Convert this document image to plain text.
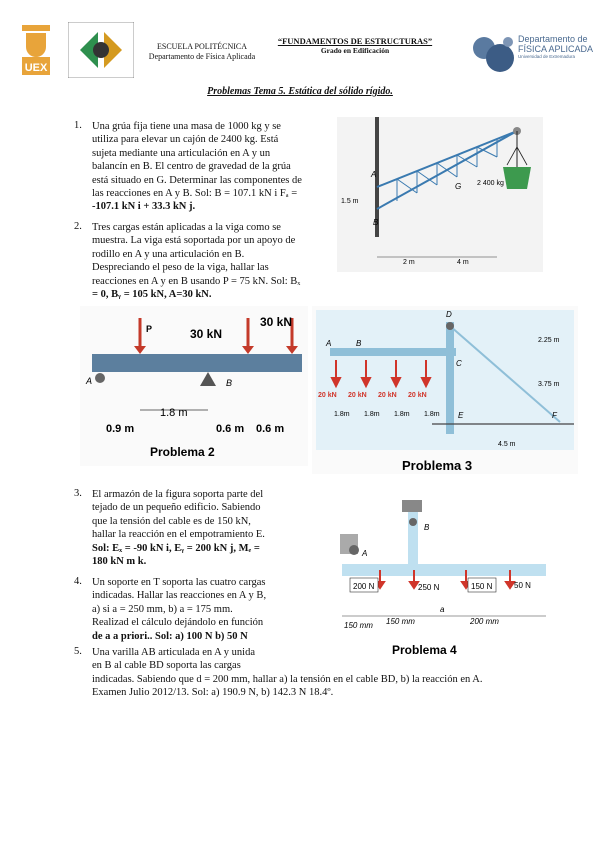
UEX
ESCUELA POLITÉCNICA
Departamento de Física Aplicada
“FUNDAMENTOS DE ESTRUCTURAS”
Grado en Edificación
Departamento de
FÍSICA APLICADA
Universidad de Extremadura
Problemas Tema 5. Estática del sólido rígido.
1. Una grúa fija tiene una masa de 1000 kg y se
utiliza para elevar un cajón de 2400 kg. Está
sujeta mediante una articulación en A y un
balancín en B. El centro de gravedad de la grúa
está situado en G. Determinar las componentes de
las reacciones en A y B. Sol: B = 107.1 kN i Fₐ =
-107.1 kN i + 33.3 kN j.
2 400 kg
A
B
G
1.5 m
2 m	4 m
2. Tres cargas están aplicadas a la viga como se
muestra. La viga está soportada por un apoyo de
rodillo en A y una articulación en B.
Despreciando el peso de la viga, hallar las
reacciones en A y en B usando P = 75 kN. Sol: Bₓ
= 0, Bᵧ = 105 kN, A=30 kN.
P	30 kN
30 kN
A	B
1.8 m
0.9 m	0.6 m 0.6 m
Problema 2
A	B
C
D
E	F
20 kN 20 kN 20 kN 20 kN
1.8m 1.8m 1.8m 1.8m
2.25 m
3.75 m
4.5 m
Problema 3
3. El armazón de la figura soporta parte del
tejado de un pequeño edificio. Sabiendo
que la tensión del cable es de 150 kN,
hallar la reacción en el empotramiento E.
Sol: Eₓ = -90 kN i, Eᵧ = 200 kN j, Mₑ =
180 kN m k.
4. Un soporte en T soporta las cuatro cargas
indicadas. Hallar las reacciones en A y B,
a) si a = 250 mm, b) a = 175 mm.
Realizad el cálculo dejándolo en función
de a a priori.. Sol: a) 100 N b) 50 N
B
A
200 N	250 N	150 N	50 N
a
150 mm 150 mm	200 mm
Problema 4
5. Una varilla AB articulada en A y unida
en B al cable BD soporta las cargas
indicadas. Sabiendo que d = 200 mm, hallar a) la tensión en el cable BD, b) la reacción en A.
Examen Julio 2012/13. Sol: a) 190.9 N, b) 142.3 N 18.4º.
